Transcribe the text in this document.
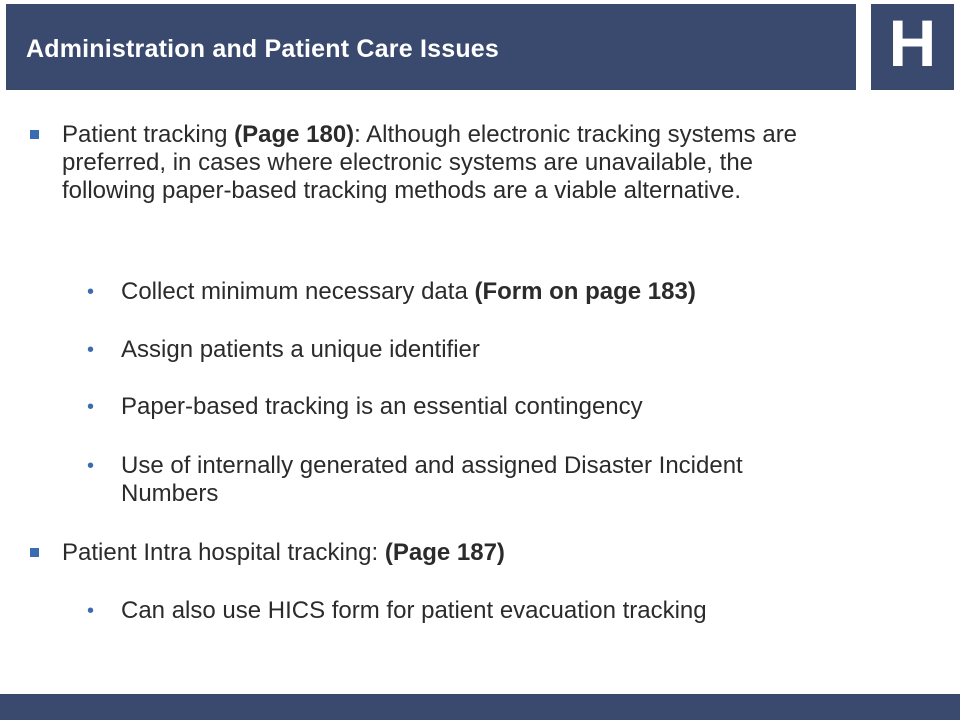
Administration and Patient Care Issues	H
Patient tracking (Page 180): Although electronic tracking systems are preferred, in cases where electronic systems are unavailable, the following paper-based tracking methods are a viable alternative.
• Collect minimum necessary data (Form on page 183)
• Assign patients a unique identifier
• Paper-based tracking is an essential contingency
• Use of internally generated and assigned Disaster Incident Numbers
Patient Intra hospital tracking: (Page 187)
• Can also use HICS form for patient evacuation tracking
